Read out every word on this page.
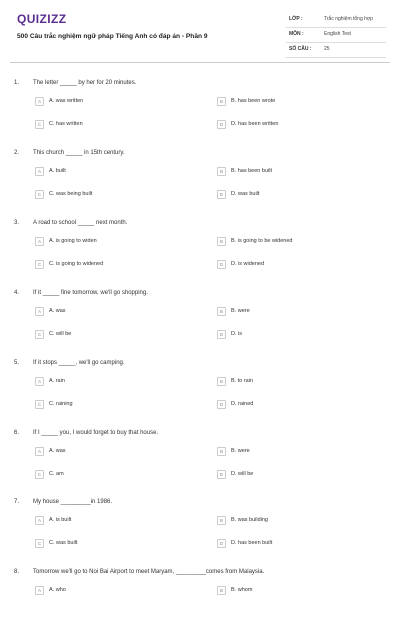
QUIZIZZ
500 Câu trắc nghiệm ngữ pháp Tiếng Anh có đáp án - Phần 9
LỚP :	Trắc nghiệm tổng hợp
MÔN :	English Test
SỐ CÂU :	25
1. The letter _____ by her for 20 minutes.
A	A. was written	B	B. has been wrote
C	C. has written	D	D. has been written
2. This church _____ in 15th century.
A	A. built	B	B. has been built
C	C. was being built	D	D. was built
3. A road to school _____ next month.
A	A. is going to widen	B	B. is going to be widened
C	C. is going to widened	D	D. is widened
4. If it _____ fine tomorrow, we'll go shopping.
A	A. was	B	B. were
C	C. will be	D	D. is
5. If it stops _____, we'll go camping.
A	A. rain	B	B. to rain
C	C. raining	D	D. rained
6. If I _____ you, I would forget to buy that house.
A	A. was	B	B. were
C	C. am	D	D. will be
7. My house _________in 1986.
A	A. is built	B	B. was building
C	C. was built	D	D. has been built
8. Tomorrow we'll go to Noi Bai Airport to meet Maryam, _________comes from Malaysia.
A	A. who	B	B. whom
